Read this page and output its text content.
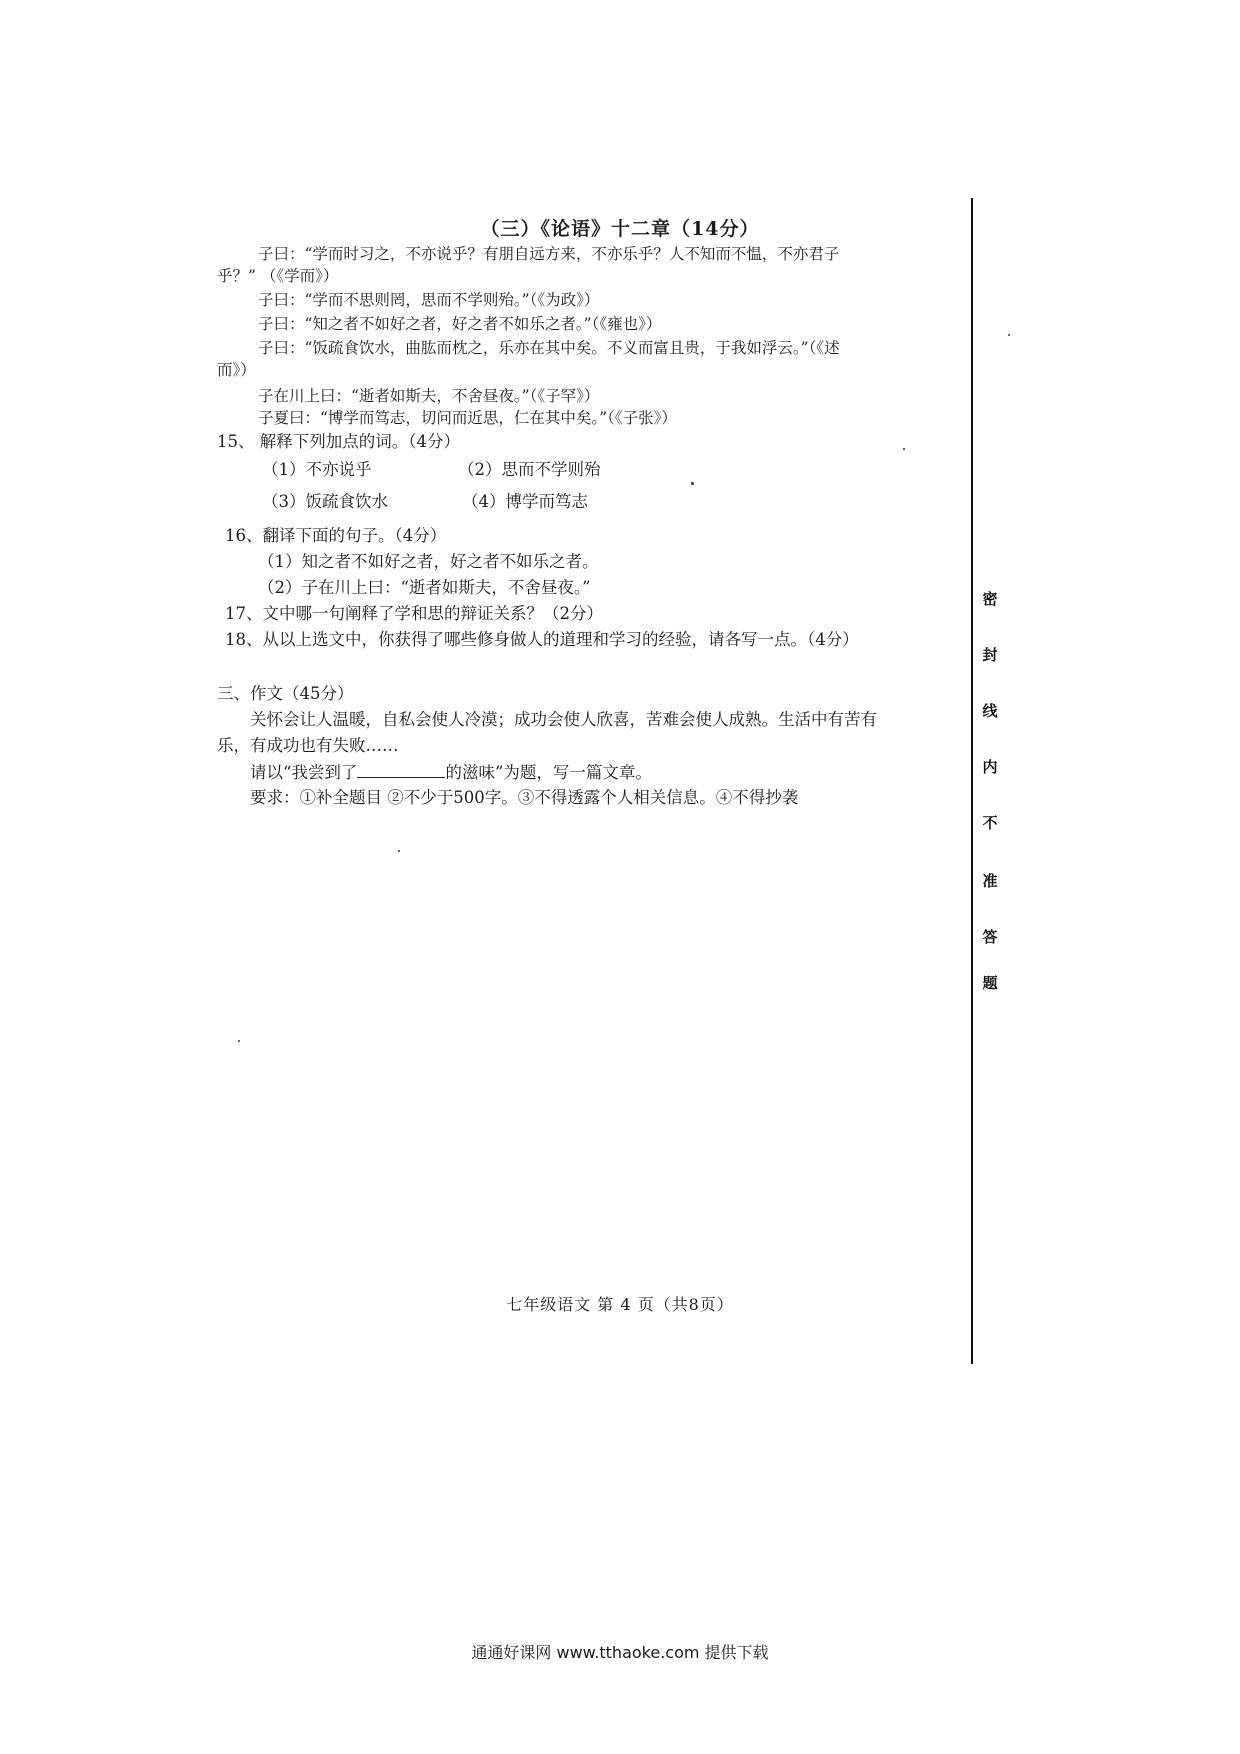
（三）《论语》十二章（14分）
子曰：“学而时习之，不亦说乎？有朋自远方来，不亦乐乎？人不知而不愠，不亦君子
乎？” （《学而》）
子曰：“学而不思则罔，思而不学则殆。”（《为政》）
子曰：“知之者不如好之者，好之者不如乐之者。”（《雍也》）
子曰：“饭疏食饮水，曲肱而枕之，乐亦在其中矣。不义而富且贵，于我如浮云。”（《述
而》）
子在川上曰：“逝者如斯夫，不舍昼夜。”（《子罕》）
子夏曰：“博学而笃志，切问而近思，仁在其中矣。”（《子张》）
15、 解释下列加点的词。（4分）
（1）不亦说乎	（2）思而不学则殆
（3）饭疏食饮水	（4）博学而笃志
16、翻译下面的句子。（4分）
（1）知之者不如好之者，好之者不如乐之者。
（2）子在川上曰：“逝者如斯夫，不舍昼夜。”
17、文中哪一句阐释了学和思的辩证关系？（2分）
18、从以上选文中，你获得了哪些修身做人的道理和学习的经验，请各写一点。（4分）
三、作文（45分）
关怀会让人温暖，自私会使人冷漠；成功会使人欣喜，苦难会使人成熟。生活中有苦有
乐，有成功也有失败……
请以“我尝到了	的滋味”为题，写一篇文章。
要求：①补全题目 ②不少于500字。③不得透露个人相关信息。④不得抄袭
密
封
线
内
不
准
答
题
七年级语文 第 4 页（共8页）
通通好课网 www.tthaoke.com 提供下载
